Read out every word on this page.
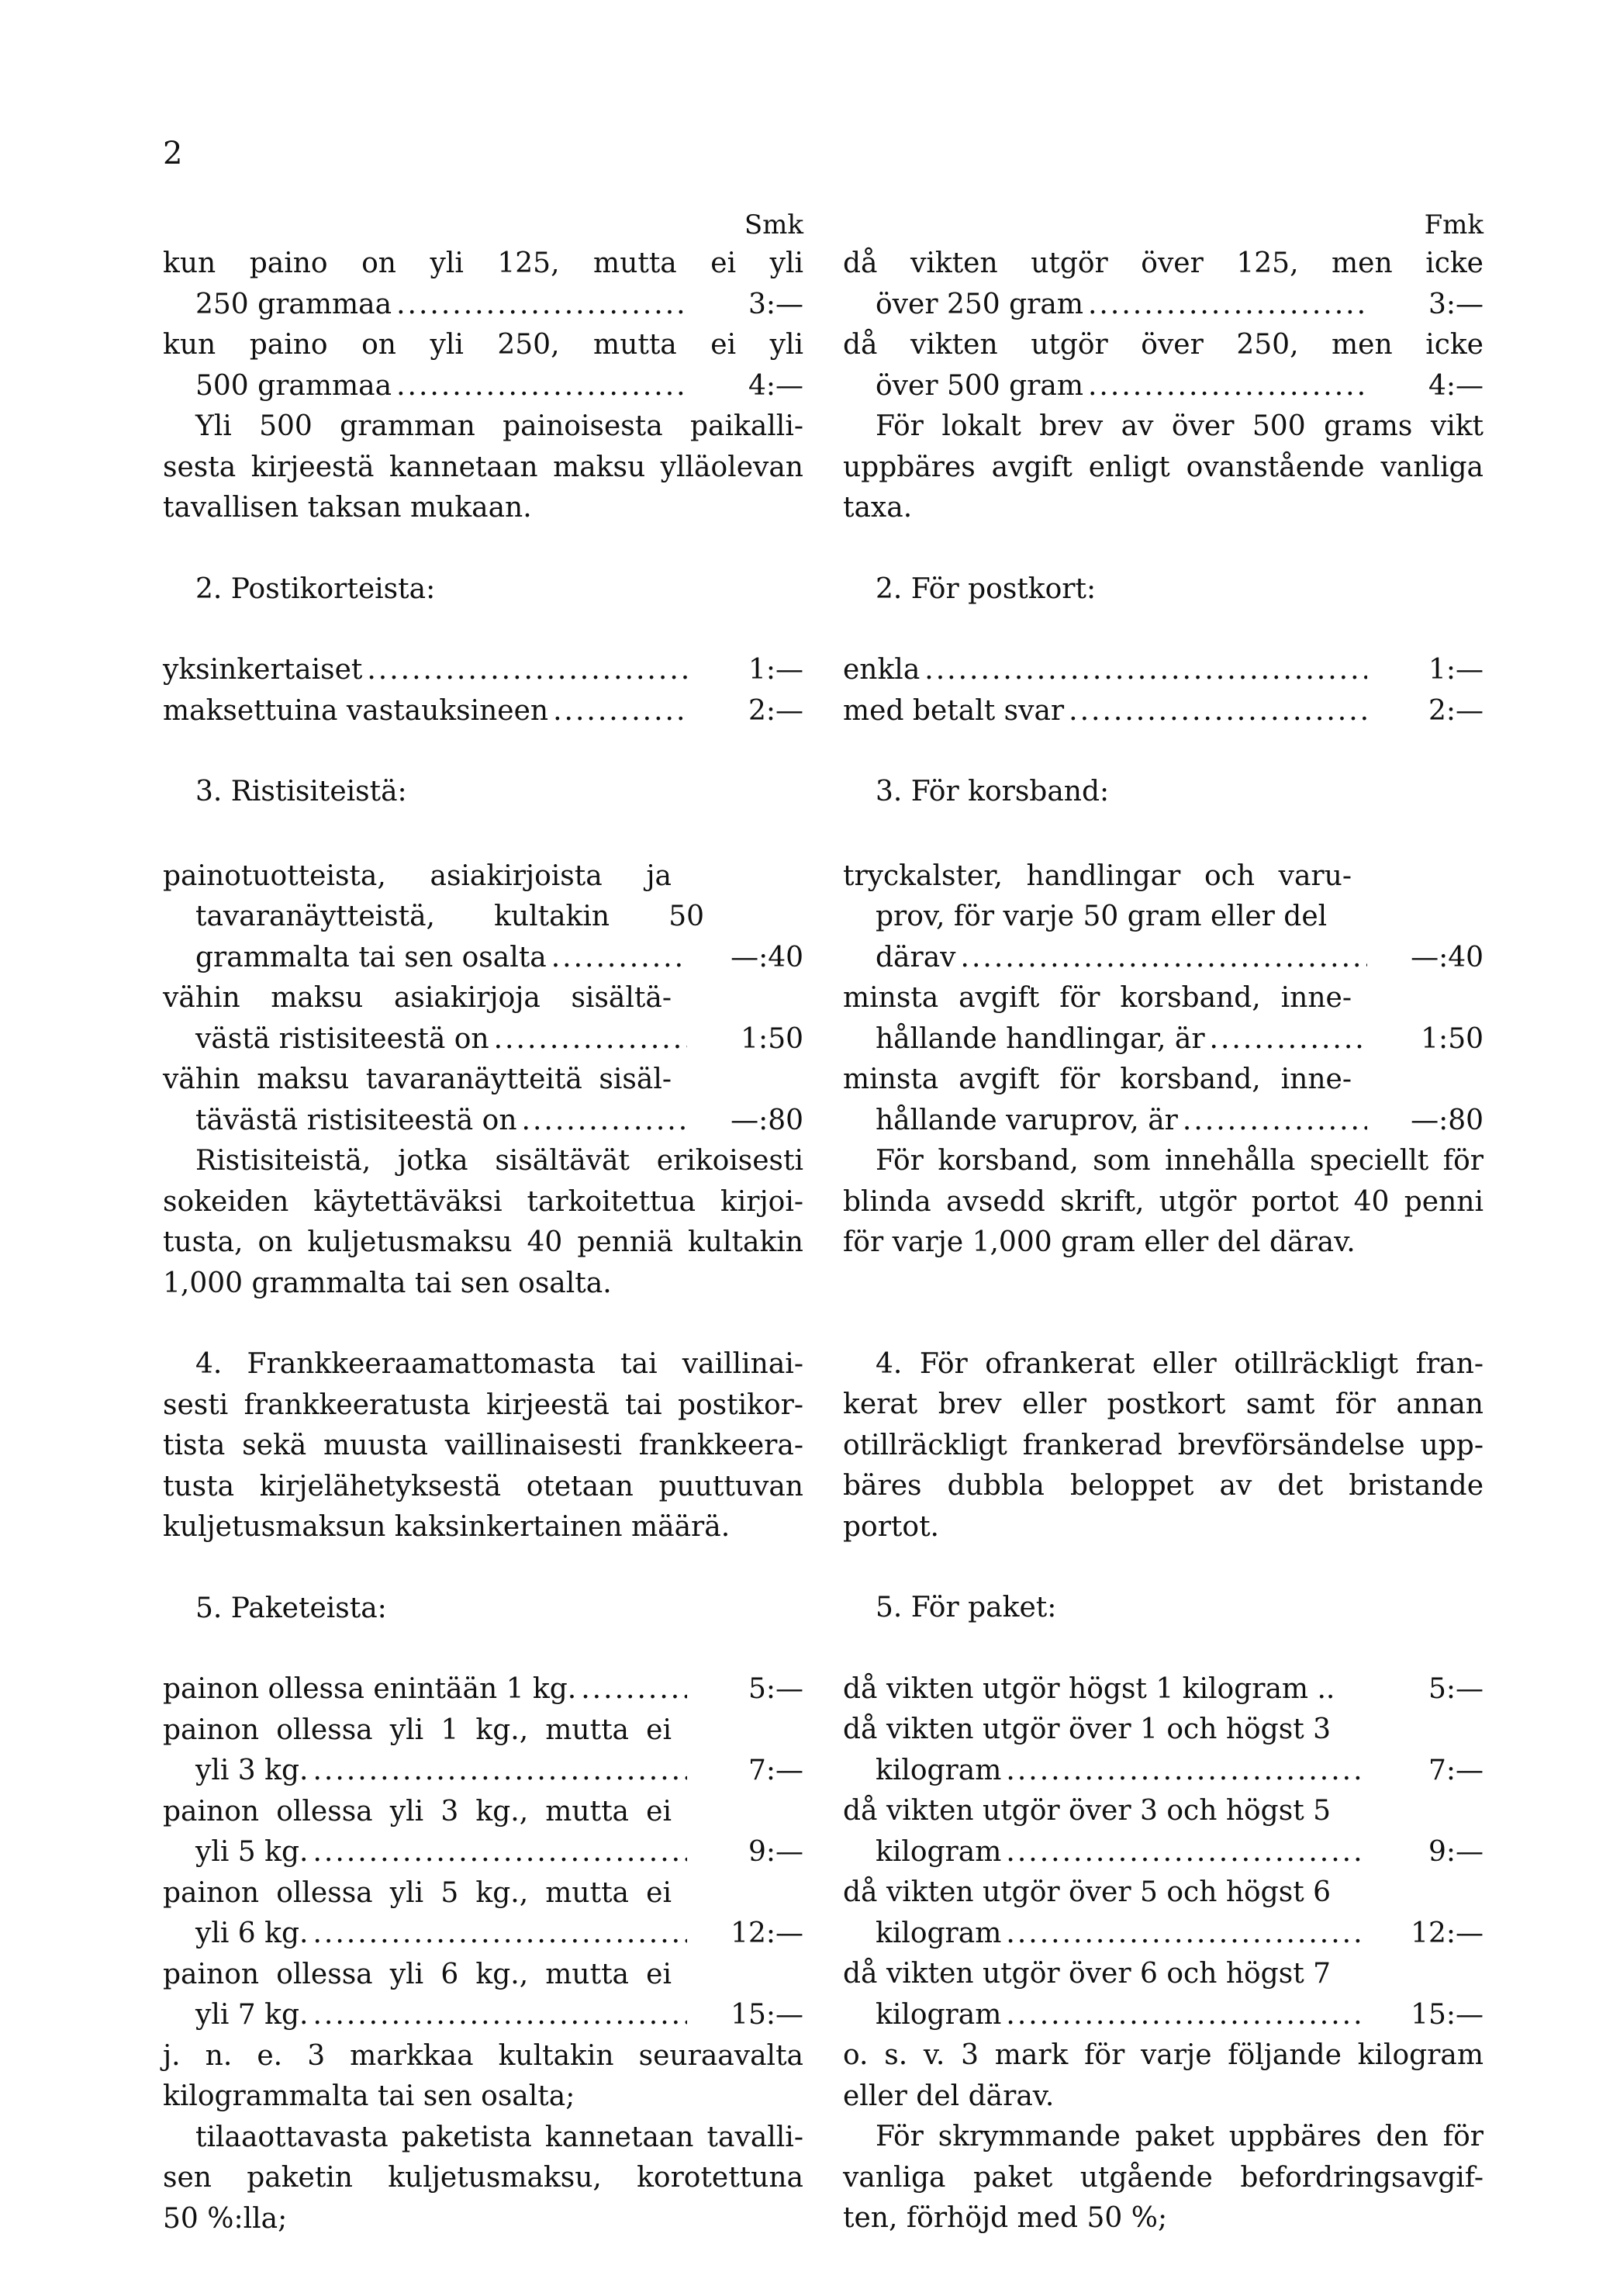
2
Smk
kun paino on yli 125, mutta ei yli
250 grammaa .....	3:—
kun paino on yli 250, mutta ei yli
500 grammaa .....	4:—
Yli 500 gramman painoisesta paikalli-
sesta kirjeestä kannetaan maksu ylläolevan
tavallisen taksan mukaan.
2. Postikorteista:
yksinkertaiset .....	1:—
maksettuina vastauksineen .....	2:—
3. Ristisiteistä:
painotuotteista, asiakirjoista ja
tavaranäytteistä, kultakin 50
grammalta tai sen osalta .....	—:40
vähin maksu asiakirjoja sisältä-
västä ristisiteestä on .....	1:50
vähin maksu tavaranäytteitä sisäl-
tävästä ristisiteestä on .....	—:80
Ristisiteistä, jotka sisältävät erikoisesti
sokeiden käytettäväksi tarkoitettua kirjoi-
tusta, on kuljetusmaksu 40 penniä kultakin
1,000 grammalta tai sen osalta.
4. Frankkeeraamattomasta tai vaillinai-
sesti frankkeeratusta kirjeestä tai postikor-
tista sekä muusta vaillinaisesti frankkeera-
tusta kirjelähetyksestä otetaan puuttuvan
kuljetusmaksun kaksinkertainen määrä.
5. Paketeista:
painon ollessa enintään 1 kg. .....	5:—
painon ollessa yli 1 kg., mutta ei
yli 3 kg. .....	7:—
painon ollessa yli 3 kg., mutta ei
yli 5 kg. .....	9:—
painon ollessa yli 5 kg., mutta ei
yli 6 kg. .....	12:—
painon ollessa yli 6 kg., mutta ei
yli 7 kg. .....	15:—
j. n. e. 3 markkaa kultakin seuraavalta
kilogrammalta tai sen osalta;
tilaaottavasta paketista kannetaan tavalli-
sen paketin kuljetusmaksu, korotettuna
50 %:lla;
Fmk
då vikten utgör över 125, men icke
över 250 gram .....	3:—
då vikten utgör över 250, men icke
över 500 gram .....	4:—
För lokalt brev av över 500 grams vikt
uppbäres avgift enligt ovanstående vanliga
taxa.
2. För postkort:
enkla .....	1:—
med betalt svar .....	2:—
3. För korsband:
tryckalster, handlingar och varu-
prov, för varje 50 gram eller del
därav .....	—:40
minsta avgift för korsband, inne-
hållande handlingar, är .....	1:50
minsta avgift för korsband, inne-
hållande varuprov, är .....	—:80
För korsband, som innehålla speciellt för
blinda avsedd skrift, utgör portot 40 penni
för varje 1,000 gram eller del därav.
4. För ofrankerat eller otillräckligt fran-
kerat brev eller postkort samt för annan
otillräckligt frankerad brevförsändelse upp-
bäres dubbla beloppet av det bristande
portot.
5. För paket:
då vikten utgör högst 1 kilogram ..	5:—
då vikten utgör över 1 och högst 3
kilogram .....	7:—
då vikten utgör över 3 och högst 5
kilogram .....	9:—
då vikten utgör över 5 och högst 6
kilogram .....	12:—
då vikten utgör över 6 och högst 7
kilogram .....	15:—
o. s. v. 3 mark för varje följande kilogram
eller del därav.
För skrymmande paket uppbäres den för
vanliga paket utgående befordringsavgif-
ten, förhöjd med 50 %;
